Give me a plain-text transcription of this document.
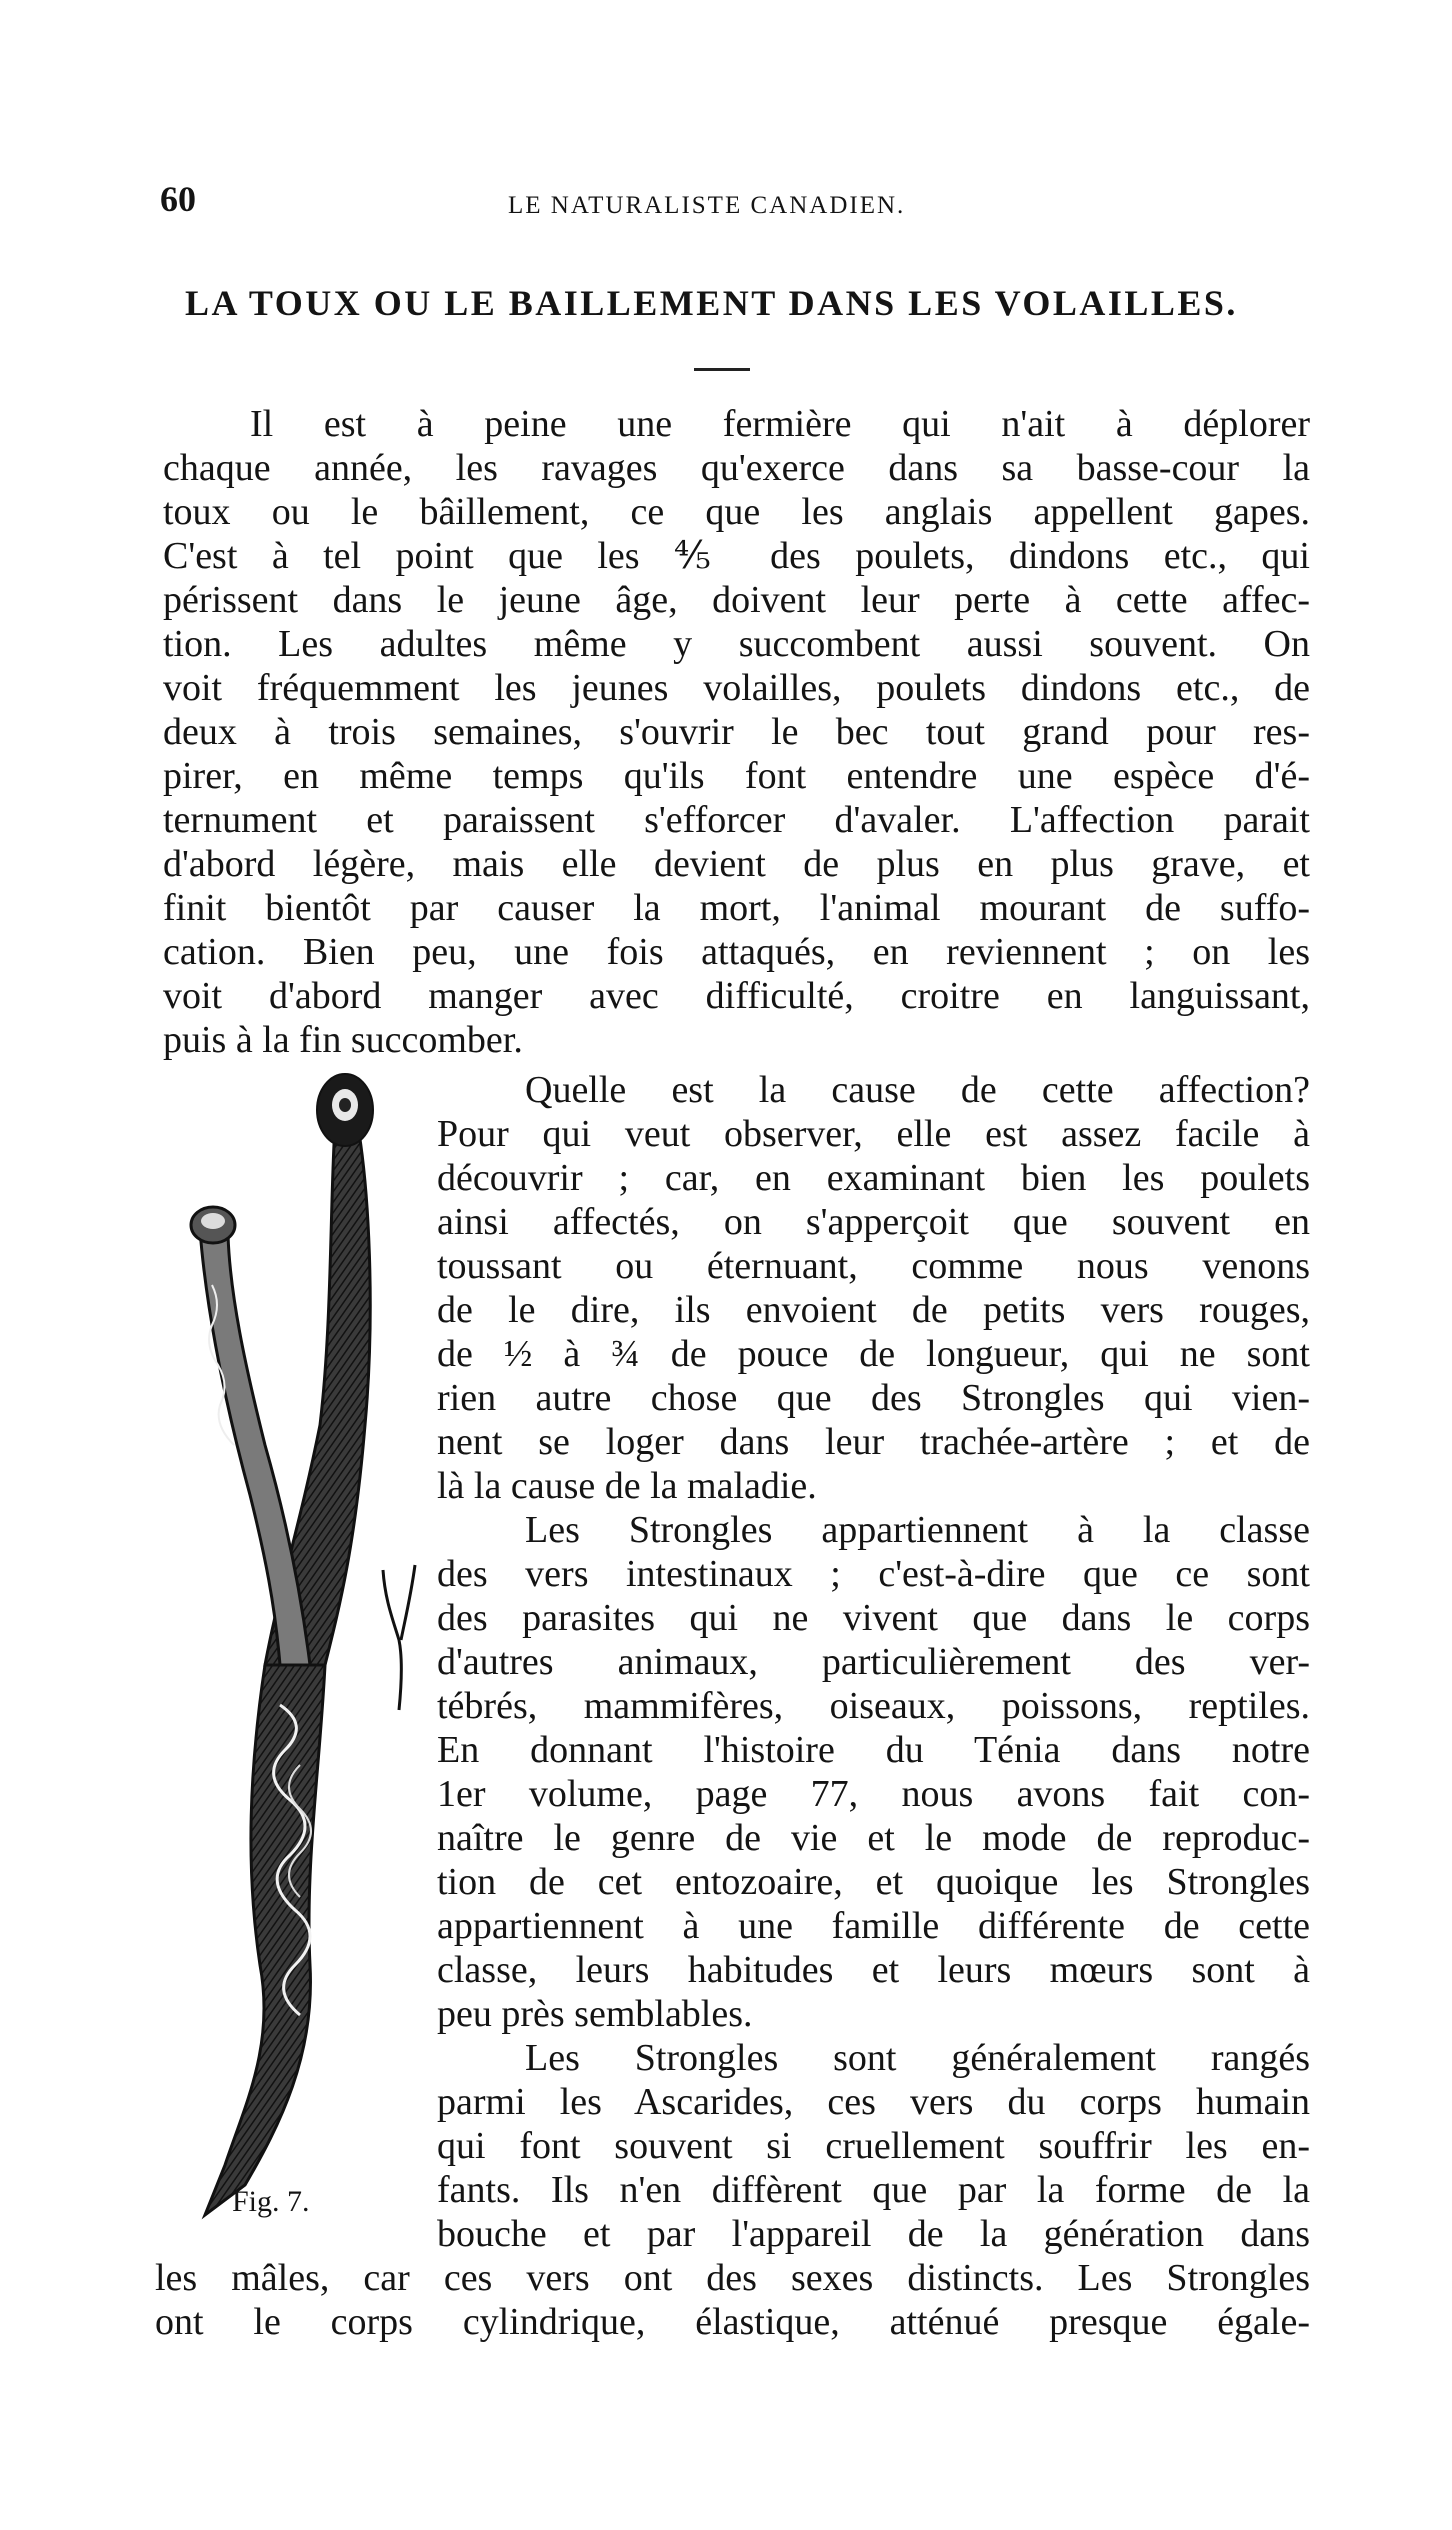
60	LE NATURALISTE CANADIEN.
LA TOUX OU LE BAILLEMENT DANS LES VOLAILLES.
Il est à peine une fermière qui n'ait à déplorer
chaque année, les ravages qu'exerce dans sa basse-cour la
toux ou le bâillement, ce que les anglais appellent gapes.
C'est à tel point que les ⅘ des poulets, dindons etc., qui
périssent dans le jeune âge, doivent leur perte à cette affec-
tion. Les adultes même y succombent aussi souvent. On
voit fréquemment les jeunes volailles, poulets dindons etc., de
deux à trois semaines, s'ouvrir le bec tout grand pour res-
pirer, en même temps qu'ils font entendre une espèce d'é-
ternument et paraissent s'efforcer d'avaler. L'affection parait
d'abord légère, mais elle devient de plus en plus grave, et
finit bientôt par causer la mort, l'animal mourant de suffo-
cation. Bien peu, une fois attaqués, en reviennent ; on les
voit d'abord manger avec difficulté, croitre en languissant,
puis à la fin succomber.
Fig. 7.
Quelle est la cause de cette affection?
Pour qui veut observer, elle est assez facile à
découvrir ; car, en examinant bien les poulets
ainsi affectés, on s'apperçoit que souvent en
toussant ou éternuant, comme nous venons
de le dire, ils envoient de petits vers rouges,
de ½ à ¾ de pouce de longueur, qui ne sont
rien autre chose que des Strongles qui vien-
nent se loger dans leur trachée-artère ; et de
là la cause de la maladie.
Les Strongles appartiennent à la classe
des vers intestinaux ; c'est-à-dire que ce sont
des parasites qui ne vivent que dans le corps
d'autres animaux, particulièrement des ver-
tébrés, mammifères, oiseaux, poissons, reptiles.
En donnant l'histoire du Ténia dans notre
1er volume, page 77, nous avons fait con-
naître le genre de vie et le mode de reproduc-
tion de cet entozoaire, et quoique les Strongles
appartiennent à une famille différente de cette
classe, leurs habitudes et leurs mœurs sont à
peu près semblables.
Les Strongles sont généralement rangés
parmi les Ascarides, ces vers du corps humain
qui font souvent si cruellement souffrir les en-
fants. Ils n'en diffèrent que par la forme de la
bouche et par l'appareil de la génération dans
les mâles, car ces vers ont des sexes distincts. Les Strongles
ont le corps cylindrique, élastique, atténué presque égale-
